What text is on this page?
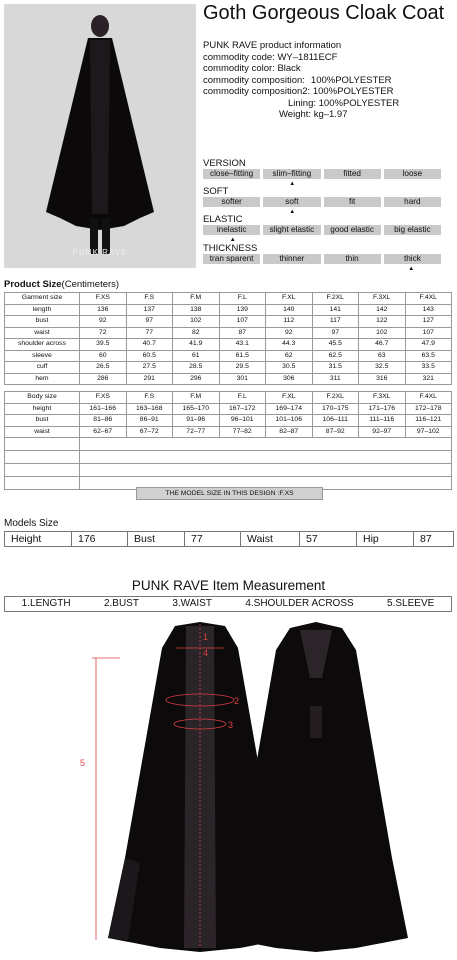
PUNK RAVE
Goth Gorgeous Cloak Coat
PUNK RAVE product information
commodity code: WY–1811ECF
commodity color: Black
commodity composition: 100%POLYESTER
commodity composition2: 100%POLYESTER
Lining: 100%POLYESTER
Weight: kg–1.97
VERSION
close–fitting	slim–fitting	fitted	loose
▲
SOFT
softer	soft	fit	hard
▲
ELASTIC
inelastic	slight elastic	good elastic	big elastic
▲
THICKNESS
tran sparent	thinner	thin	thick
▲
Product Size(Centimeters)
Garment size	F.XS	F.S	F.M	F.L	F.XL	F.2XL	F.3XL	F.4XL
length	136	137	138	139	140	141	142	143
bust	92	97	102	107	112	117	122	127
waist	72	77	82	87	92	97	102	107
shoulder across	39.5	40.7	41.9	43.1	44.3	45.5	46.7	47.9
sleeve	60	60.5	61	61.5	62	62.5	63	63.5
cuff	26.5	27.5	28.5	29.5	30.5	31.5	32.5	33.5
hem	286	291	296	301	306	311	316	321
Body size	F.XS	F.S	F.M	F.L	F.XL	F.2XL	F.3XL	F.4XL
height	161–166	163–168	165–170	167–172	169–174	170–175	171–176	172–178
bust	81–86	86–91	91–96	96–101	101–106	106–111	111–116	116–121
waist	62–67	67–72	72–77	77–82	82–87	87–92	92–97	97–102

THE MODEL SIZE IN THIS DESIGN :F.XS
Models Size
Height	176	Bust	77	Waist	57	Hip	87
PUNK RAVE Item Measurement
1.LENGTH	2.BUST	3.WAIST	4.SHOULDER ACROSS	5.SLEEVE
1
2
3
4
5
